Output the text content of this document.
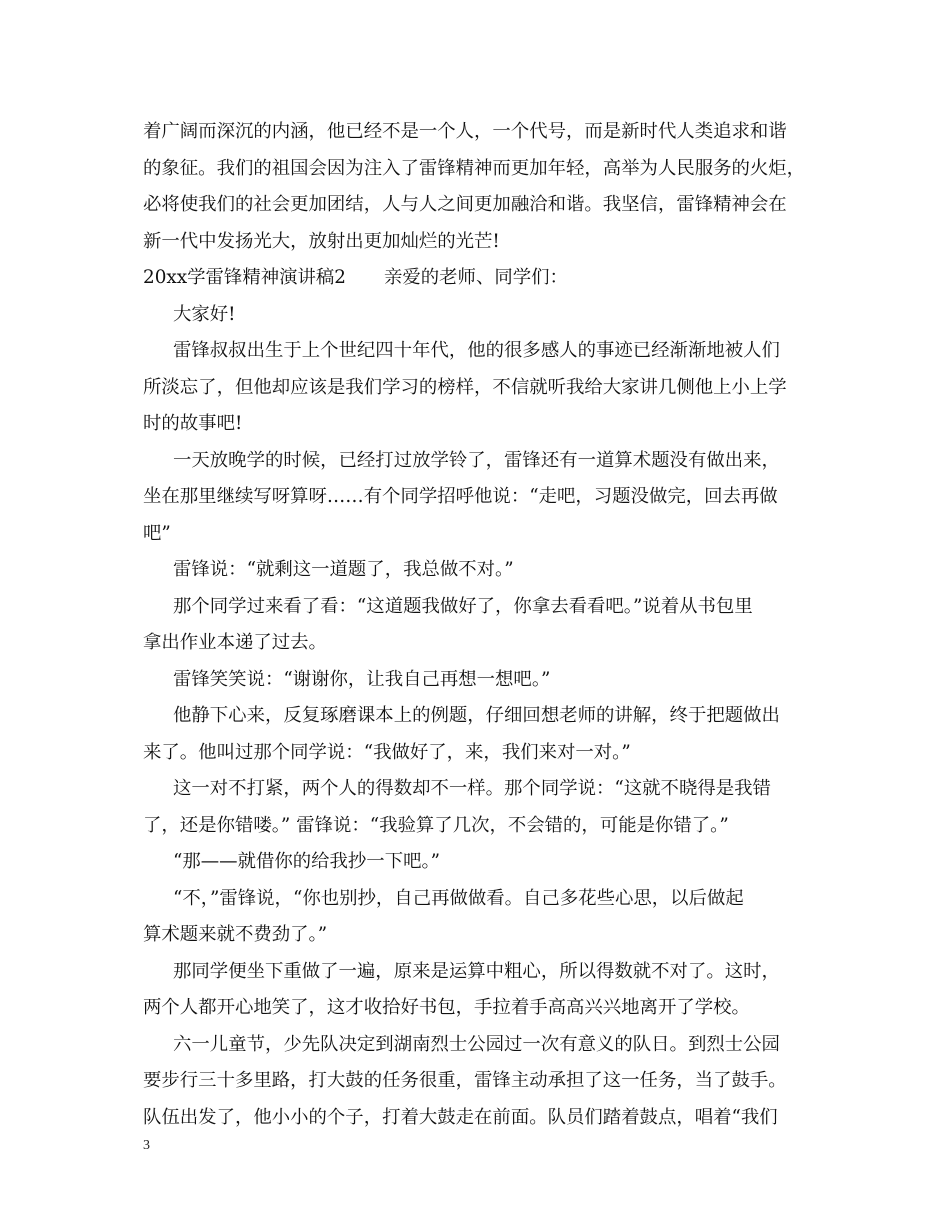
着广阔而深沉的内涵，他已经不是一个人，一个代号，而是新时代人类追求和谐
的象征。我们的祖国会因为注入了雷锋精神而更加年轻，高举为人民服务的火炬，
必将使我们的社会更加团结，人与人之间更加融洽和谐。我坚信，雷锋精神会在
新一代中发扬光大，放射出更加灿烂的光芒!
20xx学雷锋精神演讲稿2 亲爱的老师、同学们：
大家好!
雷锋叔叔出生于上个世纪四十年代，他的很多感人的事迹已经渐渐地被人们
所淡忘了，但他却应该是我们学习的榜样，不信就听我给大家讲几侧他上小上学
时的故事吧!
一天放晚学的时候，已经打过放学铃了，雷锋还有一道算术题没有做出来，
坐在那里继续写呀算呀……有个同学招呼他说：“走吧，习题没做完，回去再做
吧”
雷锋说：“就剩这一道题了，我总做不对。”
那个同学过来看了看：“这道题我做好了，你拿去看看吧。”说着从书包里
拿出作业本递了过去。
雷锋笑笑说：“谢谢你，让我自己再想一想吧。”
他静下心来，反复琢磨课本上的例题，仔细回想老师的讲解，终于把题做出
来了。他叫过那个同学说：“我做好了，来，我们来对一对。”
这一对不打紧，两个人的得数却不一样。那个同学说：“这就不晓得是我错
了，还是你错喽。” 雷锋说：“我验算了几次，不会错的，可能是你错了。”
“那——就借你的给我抄一下吧。”
“不，”雷锋说，“你也别抄，自己再做做看。自己多花些心思，以后做起
算术题来就不费劲了。”
那同学便坐下重做了一遍，原来是运算中粗心，所以得数就不对了。这时，
两个人都开心地笑了，这才收拾好书包，手拉着手高高兴兴地离开了学校。
六一儿童节，少先队决定到湖南烈士公园过一次有意义的队日。到烈士公园
要步行三十多里路，打大鼓的任务很重，雷锋主动承担了这一任务，当了鼓手。
队伍出发了，他小小的个子，打着大鼓走在前面。队员们踏着鼓点，唱着“我们
3
